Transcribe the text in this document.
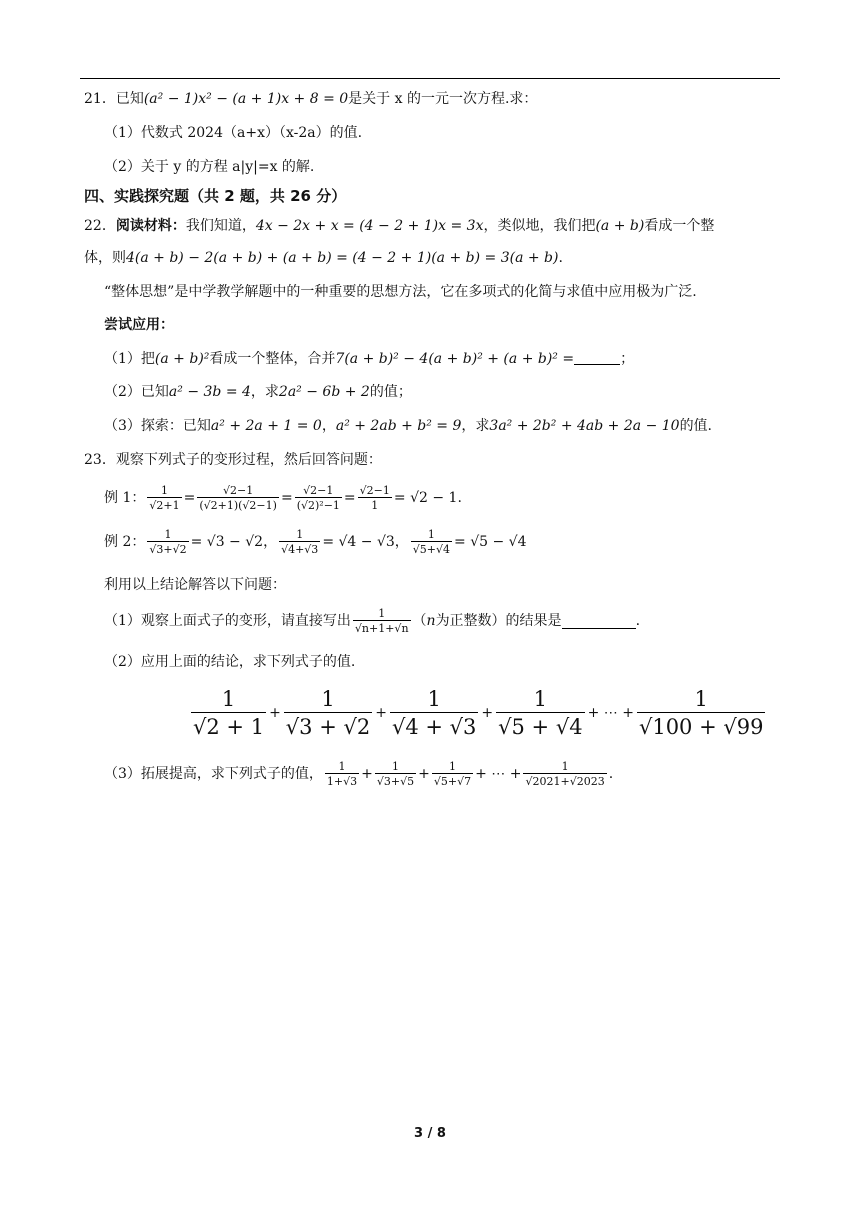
21．已知(a² − 1)x² − (a + 1)x + 8 = 0是关于 x 的一元一次方程.求：
（1）代数式 2024（a+x）（x-2a）的值.
（2）关于 y 的方程 a|y|=x 的解.
四、实践探究题（共 2 题，共 26 分）
22．阅读材料：我们知道，4x − 2x + x = (4 − 2 + 1)x = 3x，类似地，我们把(a + b)看成一个整
体，则4(a + b) − 2(a + b) + (a + b) = (4 − 2 + 1)(a + b) = 3(a + b).
“整体思想”是中学教学解题中的一种重要的思想方法，它在多项式的化简与求值中应用极为广泛.
尝试应用：
（1）把(a + b)²看成一个整体，合并7(a + b)² − 4(a + b)² + (a + b)² =	；
（2）已知a² − 3b = 4，求2a² − 6b + 2的值；
（3）探索：已知a² + 2a + 1 = 0，a² + 2ab + b² = 9，求3a² + 2b² + 4ab + 2a − 10的值.
23．观察下列式子的变形过程，然后回答问题：
例 1： $\frac{1}{√2+1} = \frac{√2-1}{(√2+1)(√2-1)} = \frac{√2-1}{\text{(√2)²−1}} = \frac{√2-1}{1} = √2 - 1$.
例 2： $\frac{1}{√3+√2} = √3 - √2$， $\frac{1}{√4+√3} = √4 - √3$， $\frac{1}{√5+√4} = √5 - √4$
利用以上结论解答以下问题：
（1）观察上面式子的变形，请直接写出 $\frac{1}{√n+1+√n} (n$为正整数）的结果是	.
（2）应用上面的结论，求下列式子的值.
$\frac{1}{√2 + 1} + \frac{1}{√3 + √2} + \frac{1}{√4 + √3} + \frac{1}{√5 + √4}$ + ⋯ + $\frac{1}{√100 + √99}$
（3）拓展提高，求下列式子的值， $\frac{1}{1+√3} + \frac{1}{√3+√5} + \frac{1}{√5+√7}$ + ⋯ + $\frac{1}{√2021+√2023}$ .
3 / 8
